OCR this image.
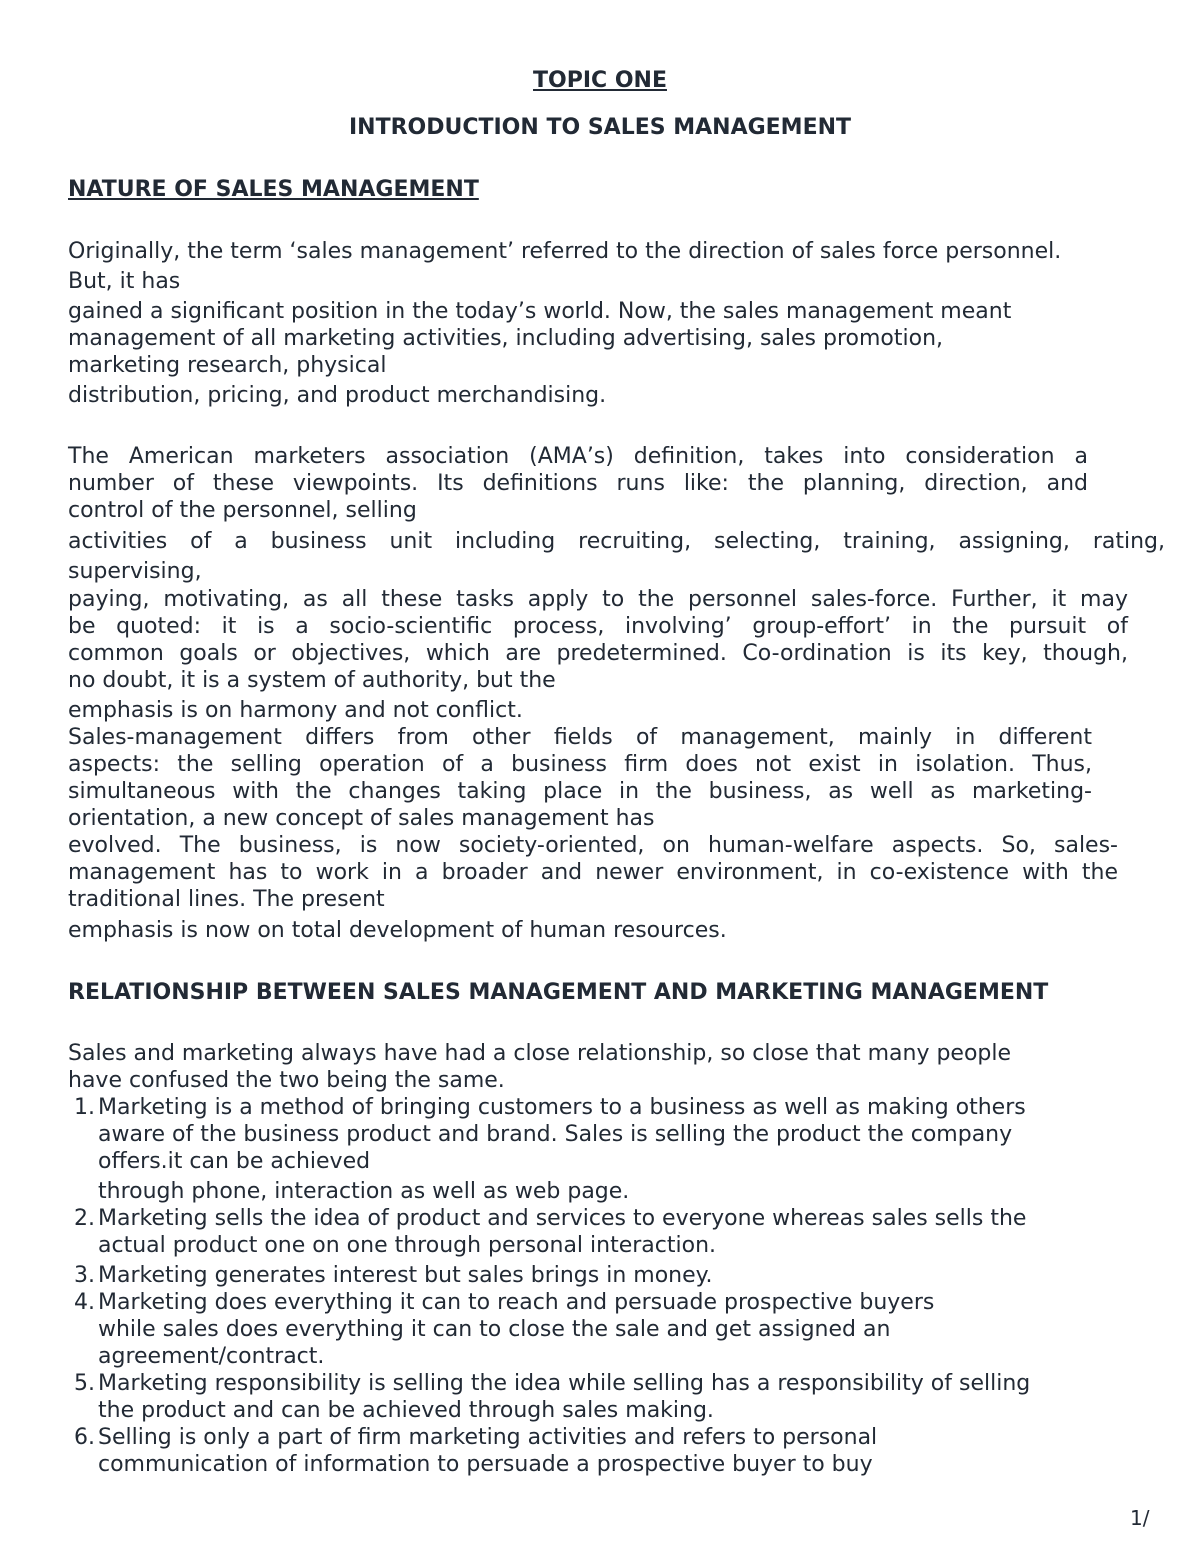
TOPIC ONE
INTRODUCTION TO SALES MANAGEMENT
NATURE OF SALES MANAGEMENT

Originally, the term ‘sales management’ referred to the direction of sales force personnel.

But, it has

gained a significant position in the today’s world. Now, the sales management meant

management of all marketing activities, including advertising, sales promotion,

marketing research, physical

distribution, pricing, and product merchandising.

The American marketers association (AMA’s) definition, takes into consideration a

number of these viewpoints. Its definitions runs like: the planning, direction, and

control of the personnel, selling

activities of a business unit including recruiting, selecting, training, assigning, rating,

supervising,

paying, motivating, as all these tasks apply to the personnel sales-force. Further, it may

be quoted: it is a socio-scientific process, involving’ group-effort’ in the pursuit of

common goals or objectives, which are predetermined. Co-ordination is its key, though,

no doubt, it is a system of authority, but the

emphasis is on harmony and not conflict.

Sales-management differs from other fields of management, mainly in different

aspects: the selling operation of a business firm does not exist in isolation. Thus,

simultaneous with the changes taking place in the business, as well as marketing-

orientation, a new concept of sales management has

evolved. The business, is now society-oriented, on human-welfare aspects. So, sales-

management has to work in a broader and newer environment, in co-existence with the

traditional lines. The present

emphasis is now on total development of human resources.

RELATIONSHIP BETWEEN SALES MANAGEMENT AND MARKETING MANAGEMENT

Sales and marketing always have had a close relationship, so close that many people

have confused the two being the same.

1. Marketing is a method of bringing customers to a business as well as making others

aware of the business product and brand. Sales is selling the product the company

offers.it can be achieved

through phone, interaction as well as web page.

2. Marketing sells the idea of product and services to everyone whereas sales sells the

actual product one on one through personal interaction.

3. Marketing generates interest but sales brings in money.

4. Marketing does everything it can to reach and persuade prospective buyers

while sales does everything it can to close the sale and get assigned an

agreement/contract.

5. Marketing responsibility is selling the idea while selling has a responsibility of selling

the product and can be achieved through sales making.

6. Selling is only a part of firm marketing activities and refers to personal

communication of information to persuade a prospective buyer to buy

1/
